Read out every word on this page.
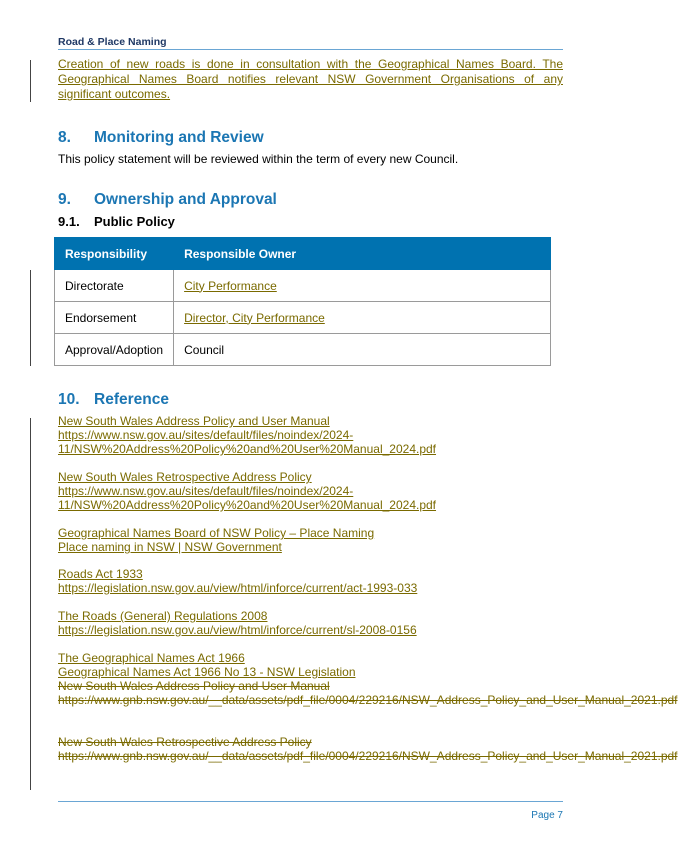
Road & Place Naming
Creation of new roads is done in consultation with the Geographical Names Board. The Geographical Names Board notifies relevant NSW Government Organisations of any significant outcomes.
8. Monitoring and Review
This policy statement will be reviewed within the term of every new Council.
9. Ownership and Approval
9.1. Public Policy
Responsibility	Responsible Owner
Directorate	City Performance
Endorsement	Director, City Performance
Approval/Adoption	Council
10. Reference
New South Wales Address Policy and User Manual
https://www.nsw.gov.au/sites/default/files/noindex/2024-
11/NSW%20Address%20Policy%20and%20User%20Manual_2024.pdf
New South Wales Retrospective Address Policy
https://www.nsw.gov.au/sites/default/files/noindex/2024-
11/NSW%20Address%20Policy%20and%20User%20Manual_2024.pdf
Geographical Names Board of NSW Policy – Place Naming
Place naming in NSW | NSW Government
Roads Act 1933
https://legislation.nsw.gov.au/view/html/inforce/current/act-1993-033
The Roads (General) Regulations 2008
https://legislation.nsw.gov.au/view/html/inforce/current/sl-2008-0156
The Geographical Names Act 1966
Geographical Names Act 1966 No 13 - NSW Legislation
New South Wales Address Policy and User Manual
https://www.gnb.nsw.gov.au/__data/assets/pdf_file/0004/229216/NSW_Address_Policy_and_User_Manual_2021.pdf
New South Wales Retrospective Address Policy
https://www.gnb.nsw.gov.au/__data/assets/pdf_file/0004/229216/NSW_Address_Policy_and_User_Manual_2021.pdf
Page 7
